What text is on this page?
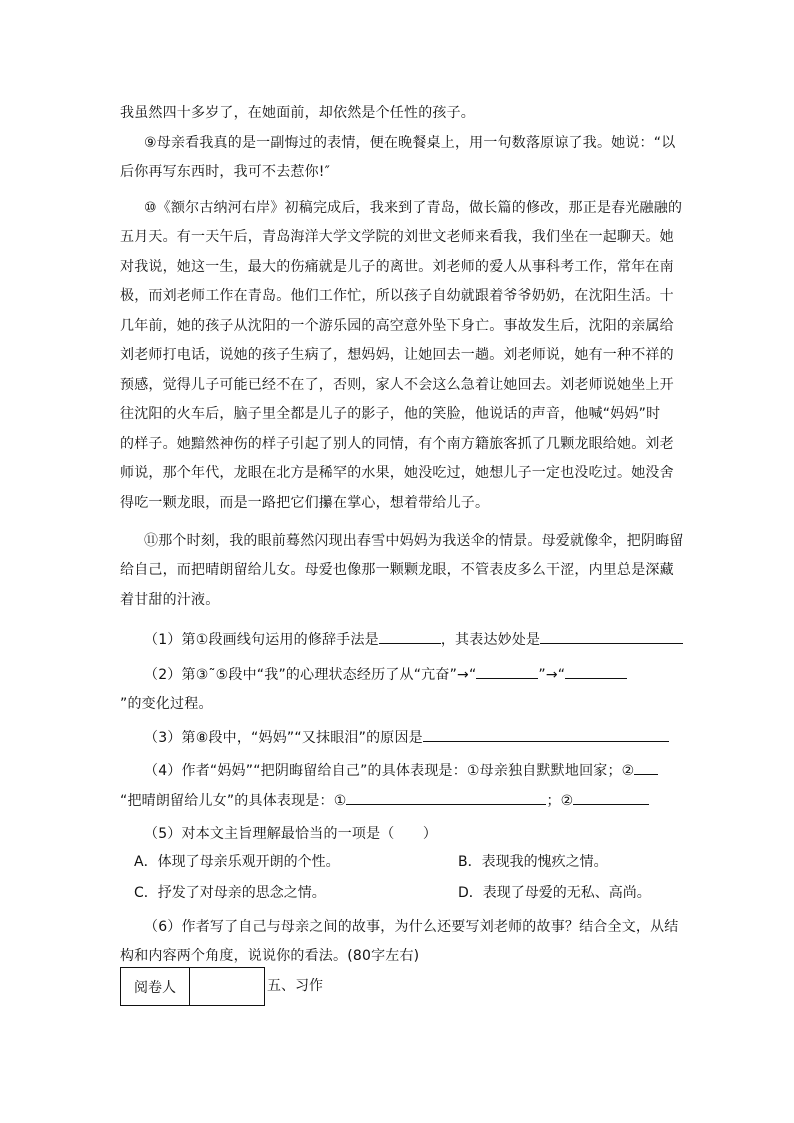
我虽然四十多岁了，在她面前，却依然是个任性的孩子。
⑨母亲看我真的是一副悔过的表情，便在晚餐桌上，用一句数落原谅了我。她说：“以
后你再写东西时，我可不去惹你!″
⑩《额尔古纳河右岸》初稿完成后，我来到了青岛，做长篇的修改，那正是春光融融的
五月天。有一天午后，青岛海洋大学文学院的刘世文老师来看我，我们坐在一起聊天。她
对我说，她这一生，最大的伤痛就是儿子的离世。刘老师的爱人从事科考工作，常年在南
极，而刘老师工作在青岛。他们工作忙，所以孩子自幼就跟着爷爷奶奶，在沈阳生活。十
几年前，她的孩子从沈阳的一个游乐园的高空意外坠下身亡。事故发生后，沈阳的亲属给
刘老师打电话，说她的孩子生病了，想妈妈，让她回去一趟。刘老师说，她有一种不祥的
预感，觉得儿子可能已经不在了，否则，家人不会这么急着让她回去。刘老师说她坐上开
往沈阳的火车后，脑子里全都是儿子的影子，他的笑脸，他说话的声音，他喊“妈妈”时
的样子。她黯然神伤的样子引起了别人的同情，有个南方籍旅客抓了几颗龙眼给她。刘老
师说，那个年代，龙眼在北方是稀罕的水果，她没吃过，她想儿子一定也没吃过。她没舍
得吃一颗龙眼，而是一路把它们攥在掌心，想着带给儿子。
⑪那个时刻，我的眼前蓦然闪现出春雪中妈妈为我送伞的情景。母爱就像伞，把阴晦留
给自己，而把晴朗留给儿女。母爱也像那一颗颗龙眼，不管表皮多么干涩，内里总是深藏
着甘甜的汁液。
（1）第①段画线句运用的修辞手法是	，其表达妙处是
（2）第③˜⑤段中“我”的心理状态经历了从“亢奋”→“	”→“
”的变化过程。
（3）第⑧段中，“妈妈”“又抹眼泪”的原因是
（4）作者“妈妈”“把阴晦留给自己”的具体表现是：①母亲独自默默地回家；②
“把晴朗留给儿女”的具体表现是：①	；②
（5）对本文主旨理解最恰当的一项是（　　）
A．体现了母亲乐观开朗的个性。	B．表现我的愧疚之情。
C．抒发了对母亲的思念之情。	D．表现了母爱的无私、高尚。
（6）作者写了自己与母亲之间的故事，为什么还要写刘老师的故事？结合全文，从结
构和内容两个角度，说说你的看法。(80字左右)
阅卷人		五、习作
